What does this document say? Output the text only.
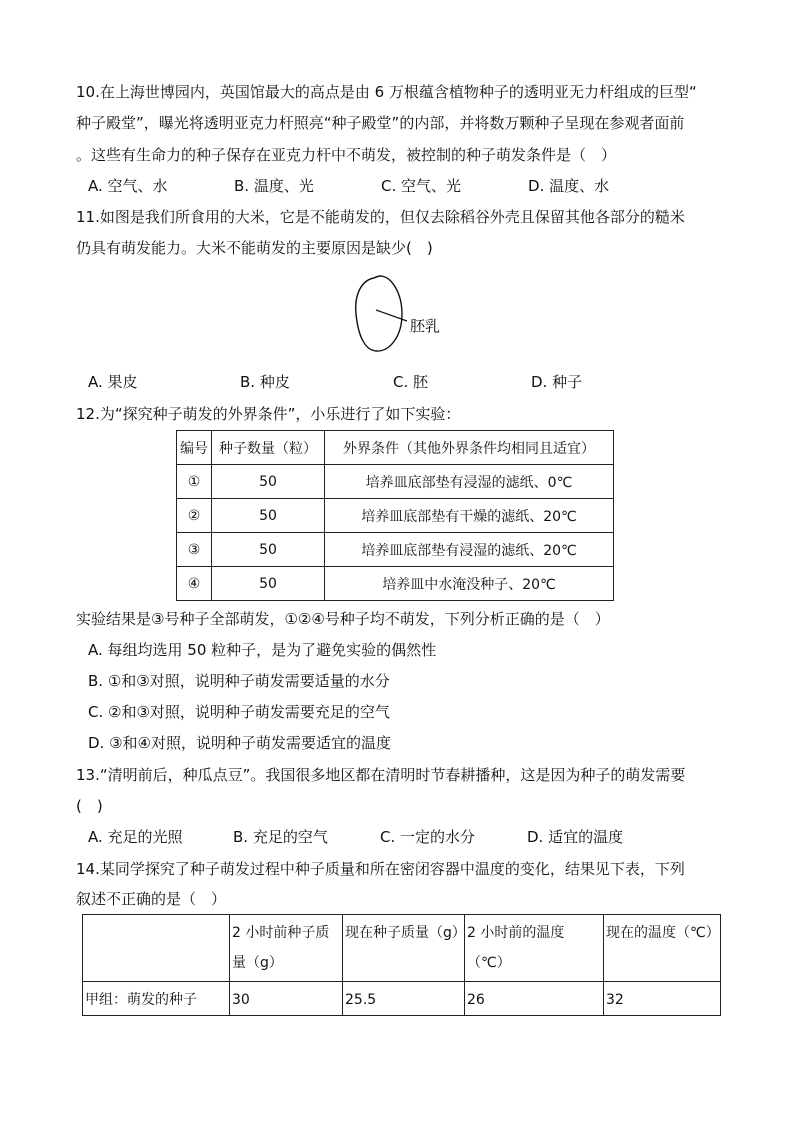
10.在上海世博园内，英国馆最大的高点是由 6 万根蕴含植物种子的透明亚无力杆组成的巨型“
种子殿堂”，曝光将透明亚克力杆照亮“种子殿堂”的内部，并将数万颗种子呈现在参观者面前
。这些有生命力的种子保存在亚克力杆中不萌发，被控制的种子萌发条件是（　）
A. 空气、水	B. 温度、光	C. 空气、光	D. 温度、水
11.如图是我们所食用的大米，它是不能萌发的，但仅去除稻谷外壳且保留其他各部分的糙米
仍具有萌发能力。大米不能萌发的主要原因是缺少(　)
胚乳
A. 果皮	B. 种皮	C. 胚	D. 种子
12.为“探究种子萌发的外界条件”，小乐进行了如下实验：
编号	种子数量（粒）	外界条件（其他外界条件均相同且适宜）
①	50	培养皿底部垫有浸湿的滤纸、0℃
②	50	培养皿底部垫有干燥的滤纸、20℃
③	50	培养皿底部垫有浸湿的滤纸、20℃
④	50	培养皿中水淹没种子、20℃
实验结果是③号种子全部萌发，①②④号种子均不萌发，下列分析正确的是（　）
A. 每组均选用 50 粒种子，是为了避免实验的偶然性
B. ①和③对照，说明种子萌发需要适量的水分
C. ②和③对照，说明种子萌发需要充足的空气
D. ③和④对照，说明种子萌发需要适宜的温度
13.“清明前后，种瓜点豆”。我国很多地区都在清明时节春耕播种，这是因为种子的萌发需要
(　)
A. 充足的光照	B. 充足的空气	C. 一定的水分	D. 适宜的温度
14.某同学探究了种子萌发过程中种子质量和所在密闭容器中温度的变化，结果见下表，下列
叙述不正确的是（　）
	2 小时前种子质量（g）	现在种子质量（g）	2 小时前的温度（℃）	现在的温度（℃）
甲组：萌发的种子	30	25.5	26	32
